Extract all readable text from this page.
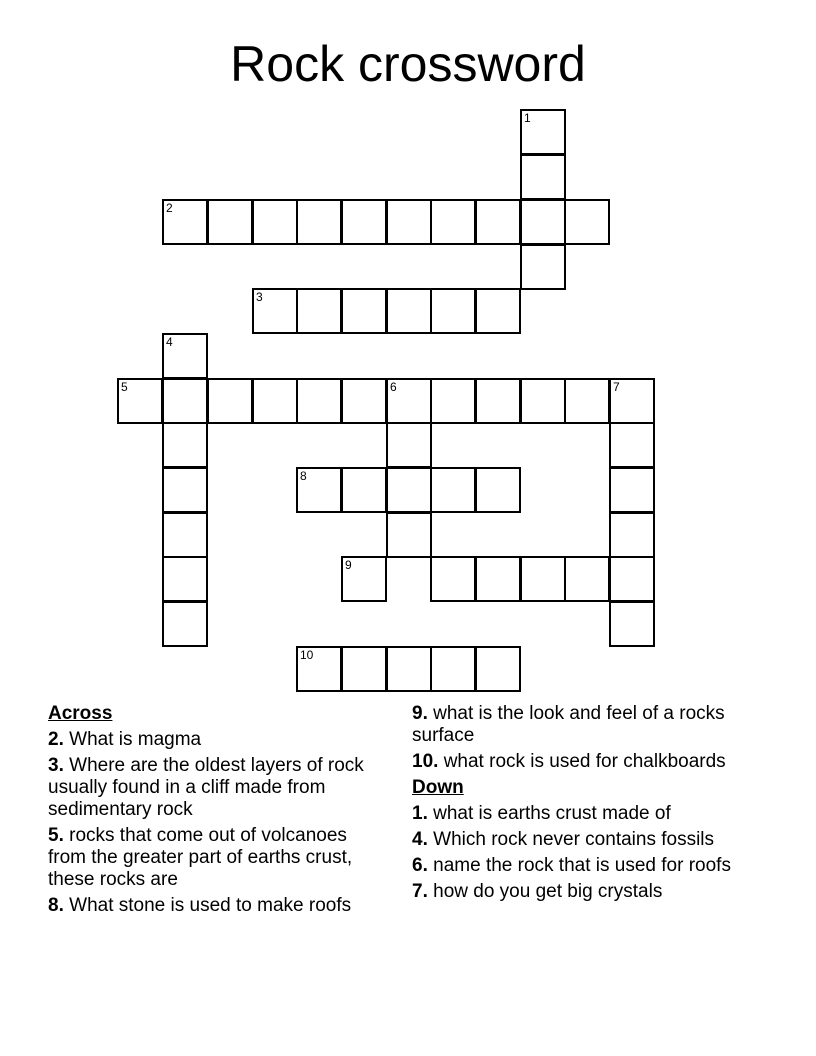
Rock crossword
1
2
3
4
5	6	7
8
9
10
Across
2. What is magma
3. Where are the oldest layers of rock usually found in a cliff made from sedimentary rock
5. rocks that come out of volcanoes from the greater part of earths crust, these rocks are
8. What stone is used to make roofs
9. what is the look and feel of a rocks surface
10. what rock is used for chalkboards
Down
1. what is earths crust made of
4. Which rock never contains fossils
6. name the rock that is used for roofs
7. how do you get big crystals
